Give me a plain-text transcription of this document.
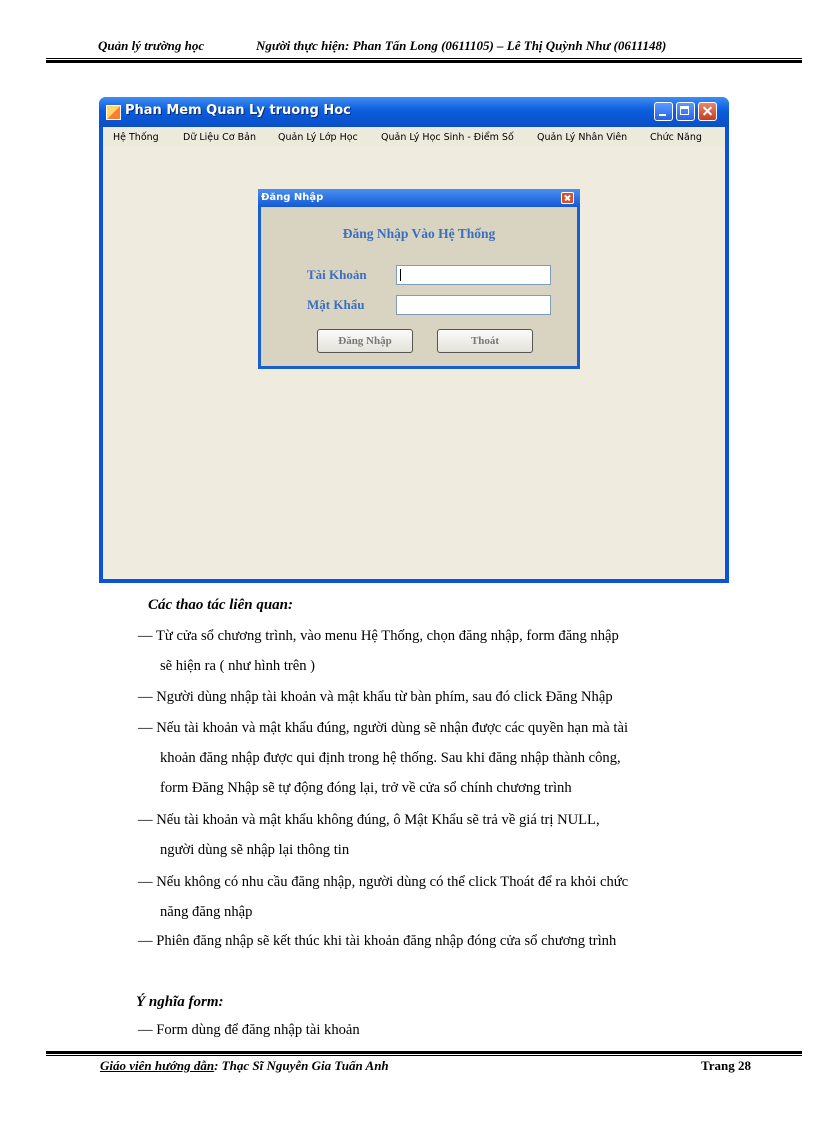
Quản lý trường học	Người thực hiện: Phan Tấn Long (0611105) – Lê Thị Quỳnh Như (0611148)
Phan Mem Quan Ly truong Hoc
Hệ Thống	Dữ Liệu Cơ Bản Quản Lý Lớp Học Quản Lý Học Sinh - Điểm Số Quản Lý Nhân Viên Chức Năng
Đăng Nhập
Đăng Nhập Vào Hệ Thống
Tài Khoản
Mật Khẩu
Đăng Nhập	Thoát
Các thao tác liên quan:
— Từ cửa sổ chương trình, vào menu Hệ Thống, chọn đăng nhập, form đăng nhập
sẽ hiện ra ( như hình trên )
— Người dùng nhập tài khoản và mật khẩu từ bàn phím, sau đó click Đăng Nhập
— Nếu tài khoản và mật khẩu đúng, người dùng sẽ nhận được các quyền hạn mà tài
khoản đăng nhập được qui định trong hệ thống. Sau khi đăng nhập thành công,
form Đăng Nhập sẽ tự động đóng lại, trở về cửa sổ chính chương trình
— Nếu tài khoản và mật khẩu không đúng, ô Mật Khẩu sẽ trả về giá trị NULL,
người dùng sẽ nhập lại thông tin
— Nếu không có nhu cầu đăng nhập, người dùng có thể click Thoát để ra khỏi chức
năng đăng nhập
— Phiên đăng nhập sẽ kết thúc khi tài khoản đăng nhập đóng cửa sổ chương trình
Ý nghĩa form:
— Form dùng để đăng nhập tài khoản
Giáo viên hướng dẫn: Thạc Sĩ Nguyễn Gia Tuấn Anh	Trang 28
